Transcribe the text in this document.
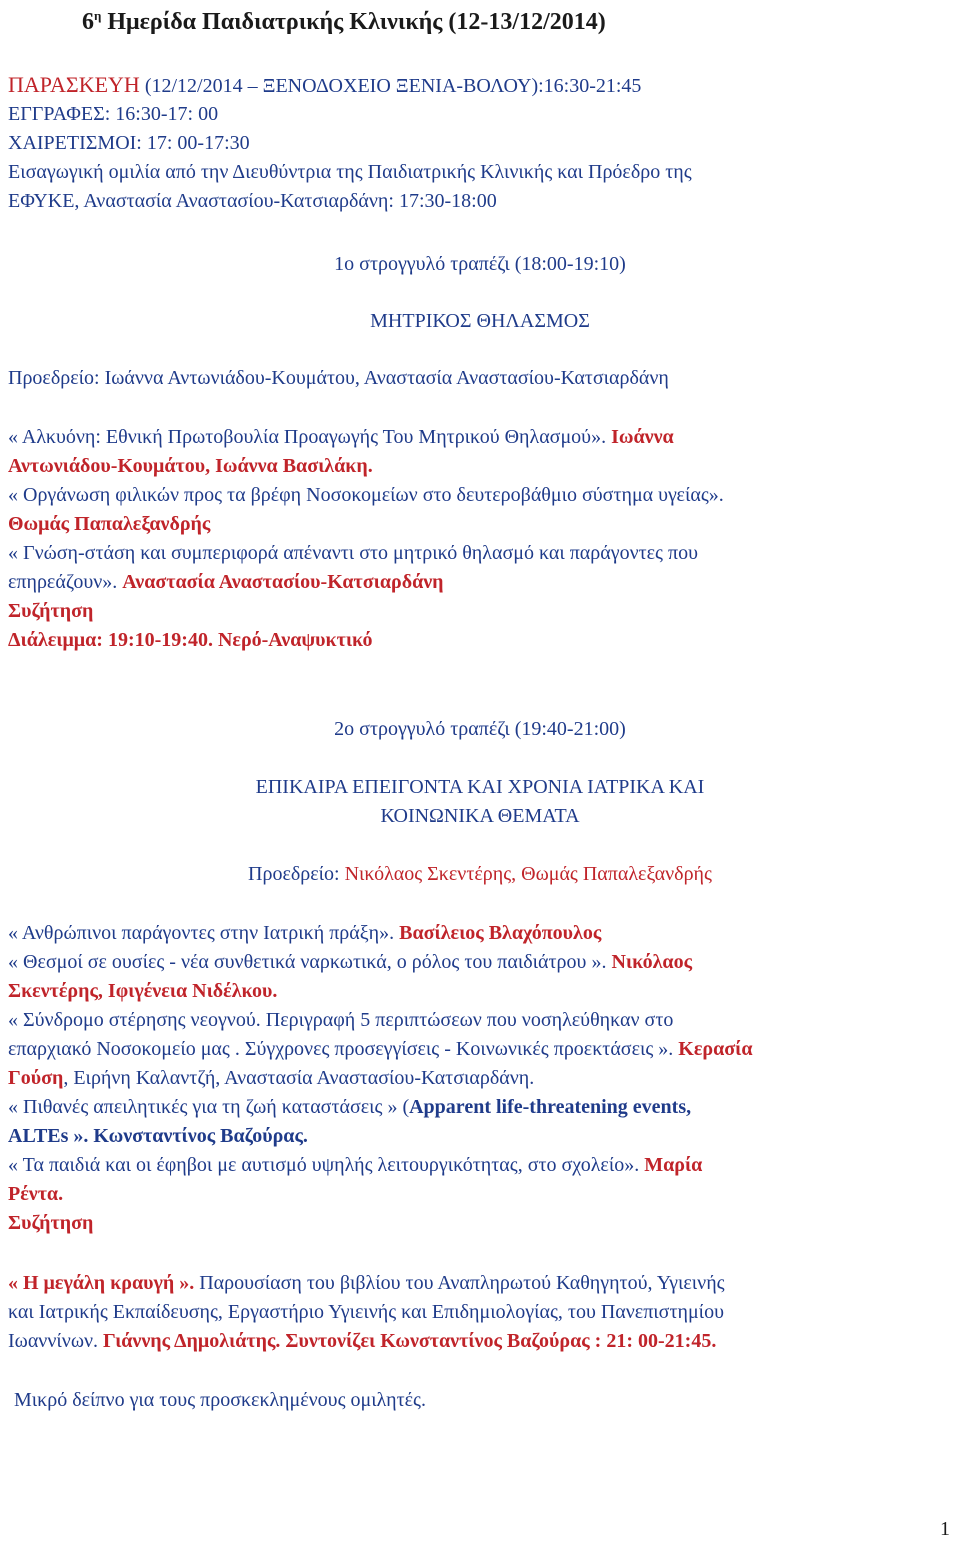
$6^\eta$ Ημερίδα Παιδιατρικής Κλινικής (12-13/12/2014)
ΠΑΡΑΣΚΕΥΗ (12/12/2014 – ΞΕΝΟΔΟΧΕΙΟ ΞΕΝΙΑ-ΒΟΛΟΥ):16:30-21:45
ΕΓΓΡΑΦΕΣ: 16:30-17: 00
ΧΑΙΡΕΤΙΣΜΟΙ: 17: 00-17:30
Εισαγωγική ομιλία από την Διευθύντρια της Παιδιατρικής Κλινικής και Πρόεδρο της
ΕΦΥΚΕ, Αναστασία Αναστασίου-Κατσιαρδάνη: 17:30-18:00
1ο στρογγυλό τραπέζι (18:00-19:10)
ΜΗΤΡΙΚΟΣ ΘΗΛΑΣΜΟΣ
Προεδρείο: Ιωάννα Αντωνιάδου-Κουμάτου, Αναστασία Αναστασίου-Κατσιαρδάνη
« Αλκυόνη: Εθνική Πρωτοβουλία Προαγωγής Του Μητρικού Θηλασμού». Ιωάννα
Αντωνιάδου-Κουμάτου, Ιωάννα Βασιλάκη.
« Οργάνωση φιλικών προς τα βρέφη Νοσοκομείων στο δευτεροβάθμιο σύστημα υγείας».
Θωμάς Παπαλεξανδρής
« Γνώση-στάση και συμπεριφορά απέναντι στο μητρικό θηλασμό και παράγοντες που
επηρεάζουν». Αναστασία Αναστασίου-Κατσιαρδάνη
Συζήτηση
Διάλειμμα: 19:10-19:40. Νερό-Αναψυκτικό
2ο στρογγυλό τραπέζι (19:40-21:00)
ΕΠΙΚΑΙΡΑ ΕΠΕΙΓΟΝΤΑ ΚΑΙ ΧΡΟΝΙΑ ΙΑΤΡΙΚΑ ΚΑΙ
ΚΟΙΝΩΝΙΚΑ ΘΕΜΑΤΑ
Προεδρείο: Νικόλαος Σκεντέρης, Θωμάς Παπαλεξανδρής
« Ανθρώπινοι παράγοντες στην Ιατρική πράξη». Βασίλειος Βλαχόπουλος
« Θεσμοί σε ουσίες - νέα συνθετικά ναρκωτικά, ο ρόλος του παιδιάτρου ». Νικόλαος
Σκεντέρης, Ιφιγένεια Νιδέλκου.
« Σύνδρομο στέρησης νεογνού. Περιγραφή 5 περιπτώσεων που νοσηλεύθηκαν στο
επαρχιακό Νοσοκομείο μας . Σύγχρονες προσεγγίσεις - Κοινωνικές προεκτάσεις ». Κερασία
Γούση, Ειρήνη Καλαντζή, Αναστασία Αναστασίου-Κατσιαρδάνη.
« Πιθανές απειλητικές για τη ζωή καταστάσεις » (Apparent life-threatening events,
ALTEs ». Κωνσταντίνος Βαζούρας.
« Τα παιδιά και οι έφηβοι με αυτισμό υψηλής λειτουργικότητας, στο σχολείο». Μαρία
Ρέντα.
Συζήτηση
« Η μεγάλη κραυγή ». Παρουσίαση του βιβλίου του Αναπληρωτού Καθηγητού, Υγιεινής
και Ιατρικής Εκπαίδευσης, Εργαστήριο Υγιεινής και Επιδημιολογίας, του Πανεπιστημίου
Ιωαννίνων. Γιάννης Δημολιάτης. Συντονίζει Κωνσταντίνος Βαζούρας : 21: 00-21:45.
Μικρό δείπνο για τους προσκεκλημένους ομιλητές.
1
